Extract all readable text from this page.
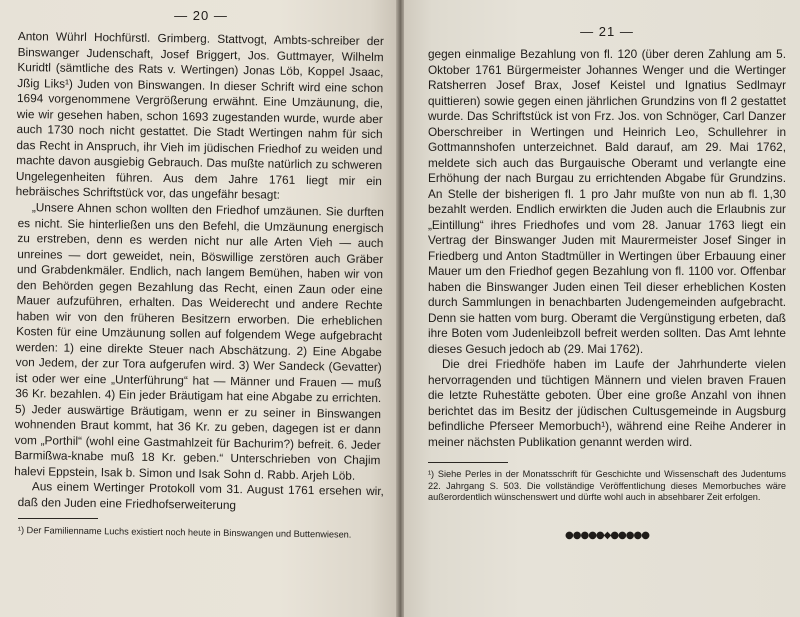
— 20 —

Anton Wührl Hochfürstl. Grimberg. Stattvogt, Ambts-schreiber der Binswanger Judenschaft, Josef Briggert, Jos. Guttmayer, Wilhelm Kuridtl (sämtliche des Rats v. Wertingen) Jonas Löb, Koppel Jsaac, Jßig Liks¹) Juden von Binswangen. In dieser Schrift wird eine schon 1694 vorgenommene Vergrößerung erwähnt. Eine Umzäunung, die, wie wir gesehen haben, schon 1693 zugestanden wurde, wurde aber auch 1730 noch nicht gestattet. Die Stadt Wertingen nahm für sich das Recht in Anspruch, ihr Vieh im jüdischen Friedhof zu weiden und machte davon ausgiebig Gebrauch. Das mußte natürlich zu schweren Ungelegenheiten führen. Aus dem Jahre 1761 liegt mir ein hebräisches Schriftstück vor, das ungefähr besagt:

„Unsere Ahnen schon wollten den Friedhof umzäunen. Sie durften es nicht. Sie hinterließen uns den Befehl, die Umzäunung energisch zu erstreben, denn es werden nicht nur alle Arten Vieh — auch unreines — dort geweidet, nein, Böswillige zerstören auch Gräber und Grabdenkmäler. Endlich, nach langem Bemühen, haben wir von den Behörden gegen Bezahlung das Recht, einen Zaun oder eine Mauer aufzuführen, erhalten. Das Weiderecht und andere Rechte haben wir von den früheren Besitzern erworben. Die erheblichen Kosten für eine Umzäunung sollen auf folgendem Wege aufgebracht werden: 1) eine direkte Steuer nach Abschätzung. 2) Eine Abgabe von Jedem, der zur Tora aufgerufen wird. 3) Wer Sandeck (Gevatter) ist oder wer eine „Unterführung“ hat — Männer und Frauen — muß 36 Kr. bezahlen. 4) Ein jeder Bräutigam hat eine Abgabe zu errichten. 5) Jeder auswärtige Bräutigam, wenn er zu seiner in Binswangen wohnenden Braut kommt, hat 36 Kr. zu geben, dagegen ist er dann vom „Porthil“ (wohl eine Gastmahlzeit für Bachurim?) befreit. 6. Jeder Barmißwa-knabe muß 18 Kr. geben.“ Unterschrieben von Chajim halevi Eppstein, Isak b. Simon und Isak Sohn d. Rabb. Arjeh Löb.

Aus einem Wertinger Protokoll vom 31. August 1761 ersehen wir, daß den Juden eine Friedhofserweiterung

¹) Der Familienname Luchs existiert noch heute in Binswangen und Buttenwiesen.

— 21 —

gegen einmalige Bezahlung von fl. 120 (über deren Zahlung am 5. Oktober 1761 Bürgermeister Johannes Wenger und die Wertinger Ratsherren Josef Brax, Josef Keistel und Ignatius Sedlmayr quittieren) sowie gegen einen jährlichen Grundzins von fl 2 gestattet wurde. Das Schriftstück ist von Frz. Jos. von Schnöger, Carl Danzer Oberschreiber in Wertingen und Heinrich Leo, Schullehrer in Gottmannshofen unterzeichnet. Bald darauf, am 29. Mai 1762, meldete sich auch das Burgauische Oberamt und verlangte eine Erhöhung der nach Burgau zu errichtenden Abgabe für Grundzins. An Stelle der bisherigen fl. 1 pro Jahr mußte von nun ab fl. 1,30 bezahlt werden. Endlich erwirkten die Juden auch die Erlaubnis zur „Eintillung“ ihres Friedhofes und vom 28. Januar 1763 liegt ein Vertrag der Binswanger Juden mit Maurermeister Josef Singer in Friedberg und Anton Stadtmüller in Wertingen über Erbauung einer Mauer um den Friedhof gegen Bezahlung von fl. 1100 vor. Offenbar haben die Binswanger Juden einen Teil dieser erheblichen Kosten durch Sammlungen in benachbarten Judengemeinden aufgebracht. Denn sie hatten vom burg. Oberamt die Vergünstigung erbeten, daß ihre Boten vom Judenleibzoll befreit werden sollten. Das Amt lehnte dieses Gesuch jedoch ab (29. Mai 1762).

Die drei Friedhöfe haben im Laufe der Jahrhunderte vielen hervorragenden und tüchtigen Männern und vielen braven Frauen die letzte Ruhestätte geboten. Über eine große Anzahl von ihnen berichtet das im Besitz der jüdischen Cultusgemeinde in Augsburg befindliche Pferseer Memorbuch¹), während eine Reihe Anderer in meiner nächsten Publikation genannt werden wird.

¹) Siehe Perles in der Monatsschrift für Geschichte und Wissenschaft des Judentums 22. Jahrgang S. 503. Die vollständige Veröffentlichung dieses Memorbuches wäre außerordentlich wünschenswert und dürfte wohl auch in absehbarer Zeit erfolgen.

●●●●●◆●●●●●
